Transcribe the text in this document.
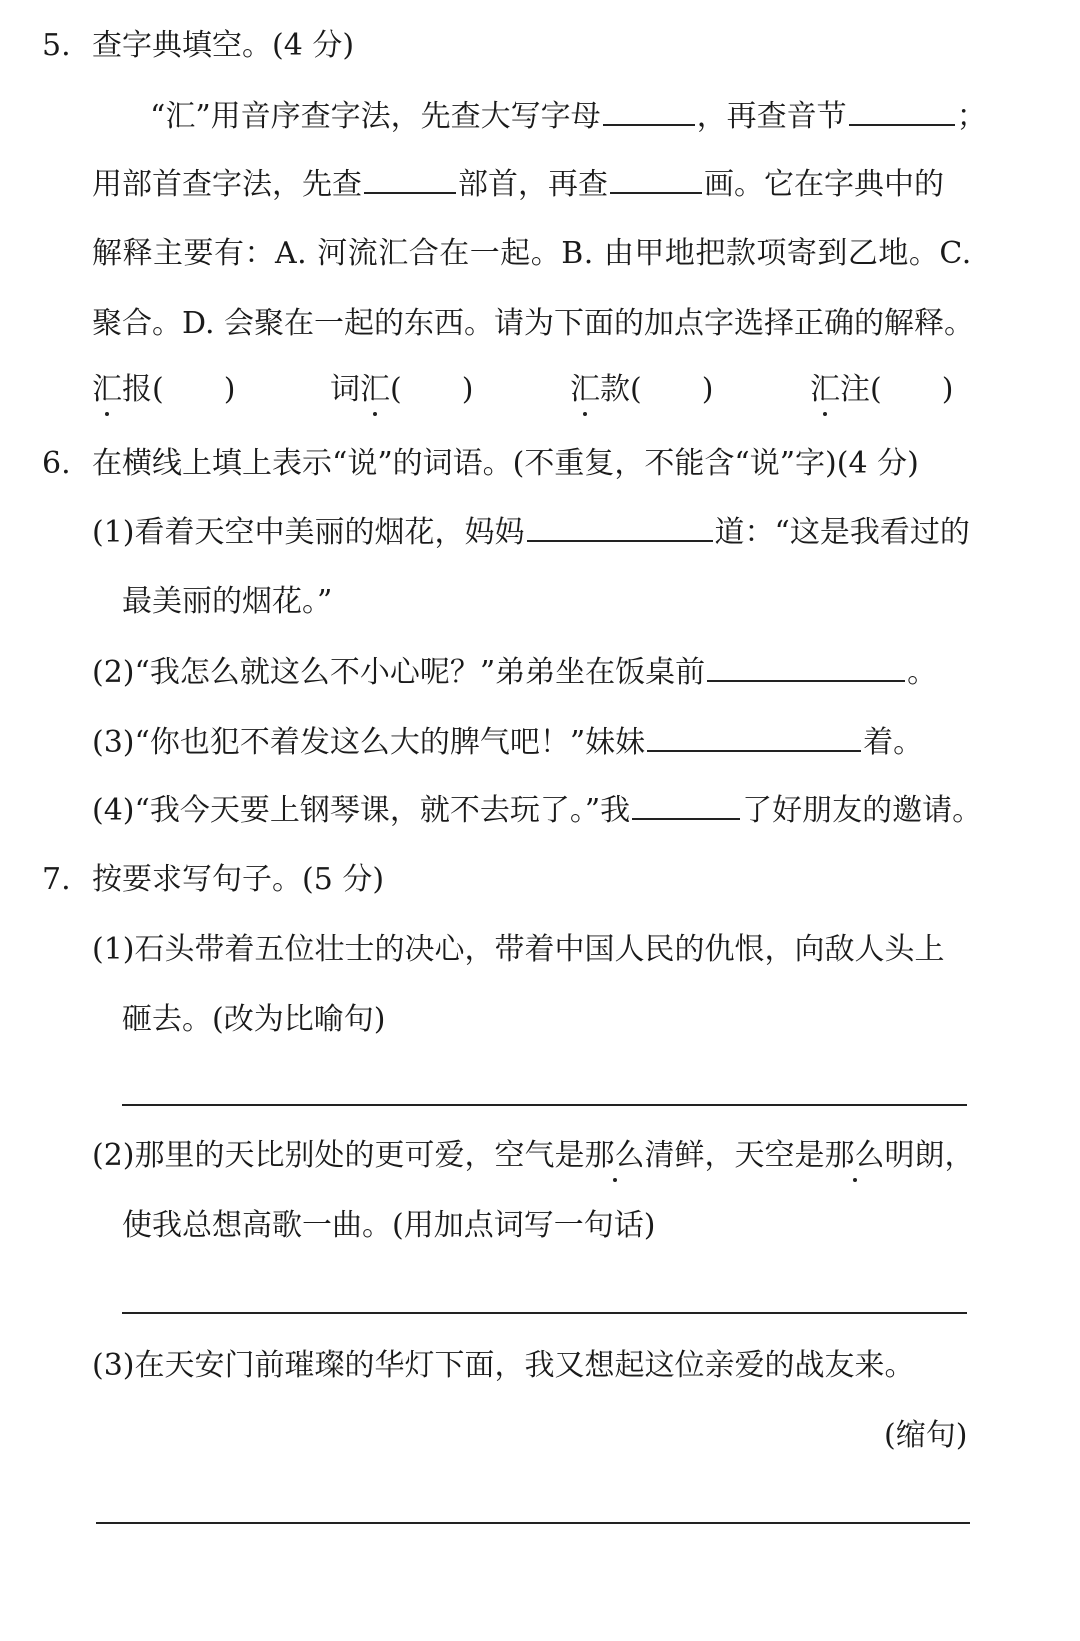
5. 查字典填空。(4 分)
“汇”用音序查字法，先查大写字母	，再查音节	；
用部首查字法，先查	部首，再查	画。它在字典中的
解释主要有：A. 河流汇合在一起。B. 由甲地把款项寄到乙地。C.
聚合。D. 会聚在一起的东西。请为下面的加点字选择正确的解释。
汇报(　　)	词汇(　　)	汇款(　　)	汇注(　　)
6. 在横线上填上表示“说”的词语。(不重复，不能含“说”字)(4 分)
(1)看着天空中美丽的烟花，妈妈	道：“这是我看过的
最美丽的烟花。”
(2)“我怎么就这么不小心呢？”弟弟坐在饭桌前	。
(3)“你也犯不着发这么大的脾气吧！”妹妹	着。
(4)“我今天要上钢琴课，就不去玩了。”我	了好朋友的邀请。
7. 按要求写句子。(5 分)
(1)石头带着五位壮士的决心，带着中国人民的仇恨，向敌人头上
砸去。(改为比喻句)
(2)那里的天比别处的更可爱，空气是那么清鲜，天空是那么明朗，
使我总想高歌一曲。(用加点词写一句话)
(3)在天安门前璀璨的华灯下面，我又想起这位亲爱的战友来。
(缩句)
